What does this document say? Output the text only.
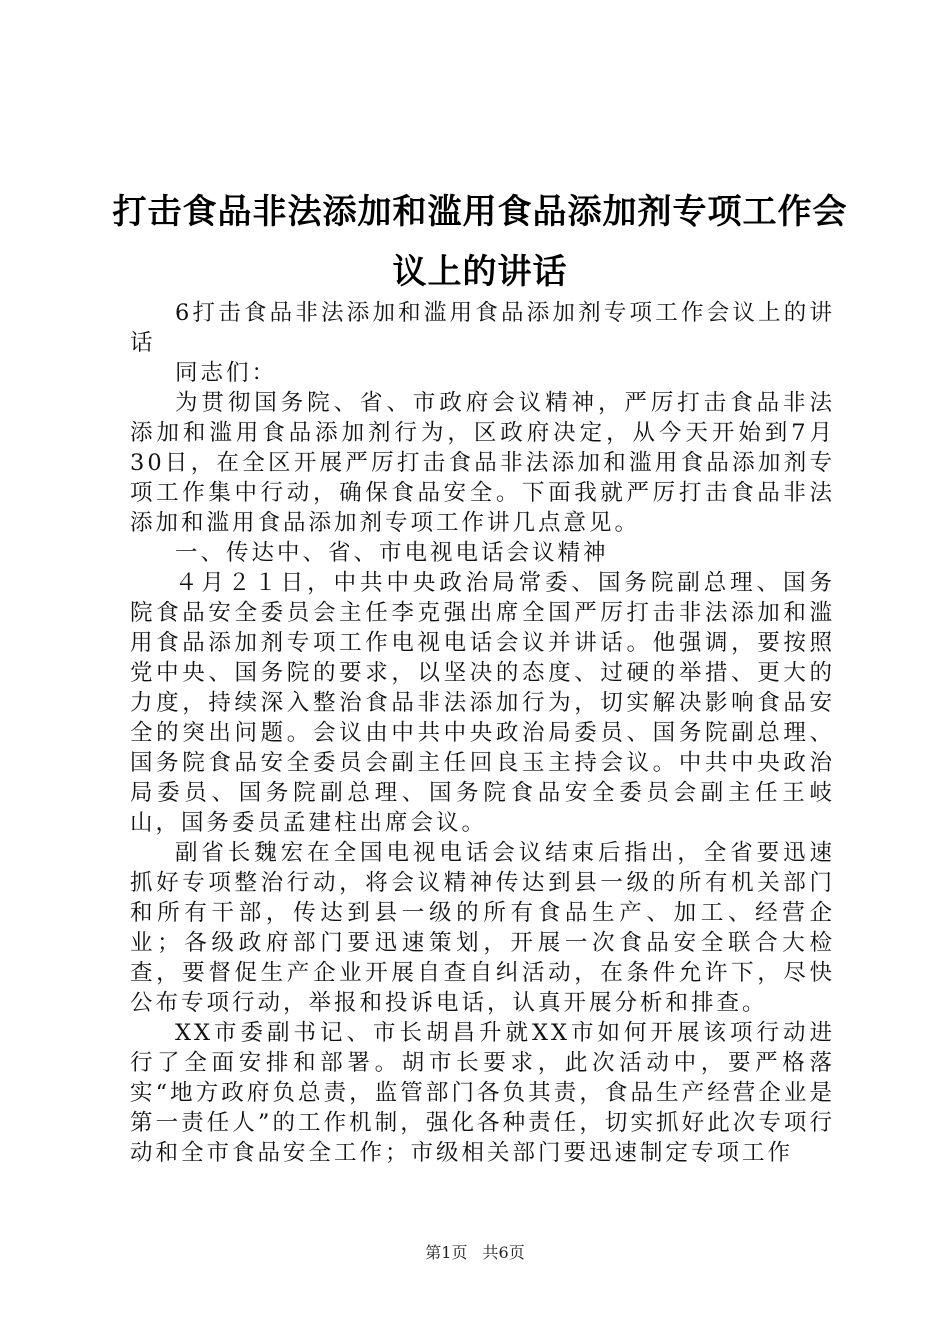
打击食品非法添加和滥用食品添加剂专项工作会议上的讲话

6打击食品非法添加和滥用食品添加剂专项工作会议上的讲话

同志们：

为贯彻国务院、省、市政府会议精神，严厉打击食品非法添加和滥用食品添加剂行为，区政府决定，从今天开始到7月30日，在全区开展严厉打击食品非法添加和滥用食品添加剂专项工作集中行动，确保食品安全。下面我就严厉打击食品非法添加和滥用食品添加剂专项工作讲几点意见。

一、传达中、省、市电视电话会议精神

４月２１日，中共中央政治局常委、国务院副总理、国务院食品安全委员会主任李克强出席全国严厉打击非法添加和滥用食品添加剂专项工作电视电话会议并讲话。他强调，要按照党中央、国务院的要求，以坚决的态度、过硬的举措、更大的力度，持续深入整治食品非法添加行为，切实解决影响食品安全的突出问题。会议由中共中央政治局委员、国务院副总理、国务院食品安全委员会副主任回良玉主持会议。中共中央政治局委员、国务院副总理、国务院食品安全委员会副主任王岐山，国务委员孟建柱出席会议。

副省长魏宏在全国电视电话会议结束后指出，全省要迅速抓好专项整治行动，将会议精神传达到县一级的所有机关部门和所有干部，传达到县一级的所有食品生产、加工、经营企业；各级政府部门要迅速策划，开展一次食品安全联合大检查，要督促生产企业开展自查自纠活动，在条件允许下，尽快公布专项行动，举报和投诉电话，认真开展分析和排查。

XX市委副书记、市长胡昌升就XX市如何开展该项行动进行了全面安排和部署。胡市长要求，此次活动中，要严格落实“地方政府负总责，监管部门各负其责，食品生产经营企业是第一责任人”的工作机制，强化各种责任，切实抓好此次专项行动和全市食品安全工作；市级相关部门要迅速制定专项工作

第1页 共6页
